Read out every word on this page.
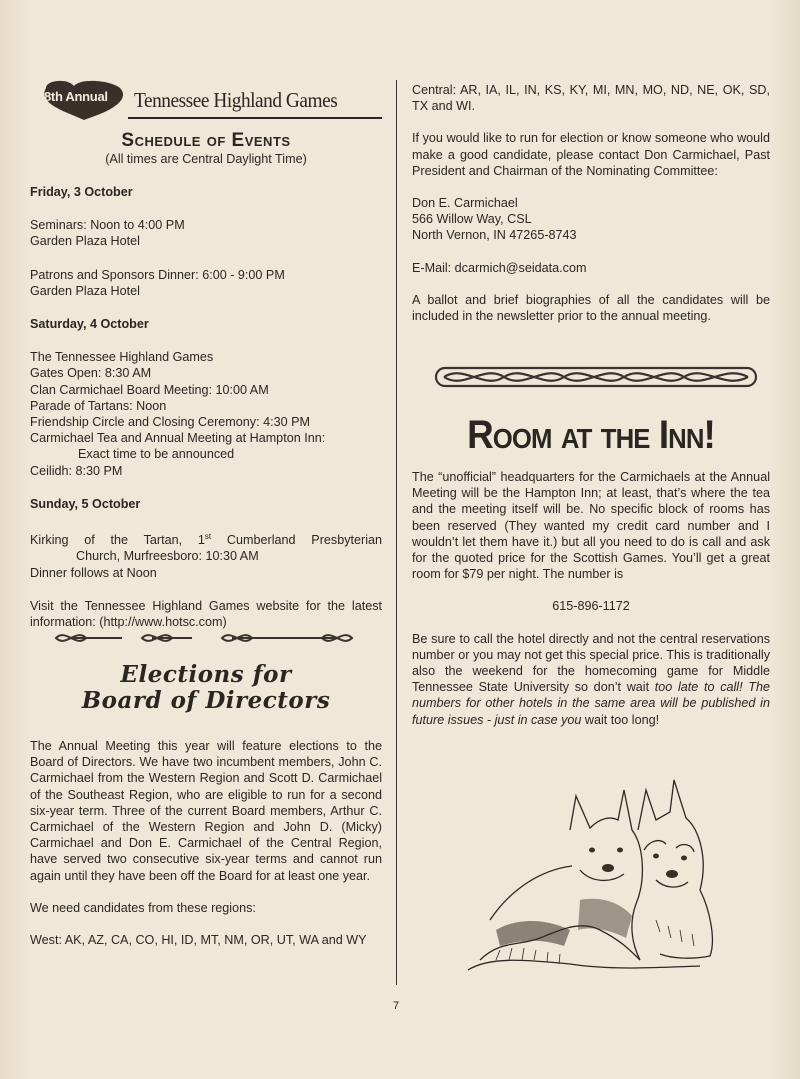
8th Annual Tennessee Highland Games
Schedule of Events
(All times are Central Daylight Time)

Friday, 3 October

Seminars: Noon to 4:00 PM

Garden Plaza Hotel

Patrons and Sponsors Dinner: 6:00 - 9:00 PM

Garden Plaza Hotel

Saturday, 4 October

The Tennessee Highland Games

Gates Open: 8:30 AM

Clan Carmichael Board Meeting: 10:00 AM

Parade of Tartans: Noon

Friendship Circle and Closing Ceremony: 4:30 PM

Carmichael Tea and Annual Meeting at Hampton Inn:

Exact time to be announced

Ceilidh: 8:30 PM

Sunday, 5 October

Kirking of the Tartan, 1st Cumberland Presbyterian

Church, Murfreesboro: 10:30 AM

Dinner follows at Noon

Visit the Tennessee Highland Games website for the latest information: (http://www.hotsc.com)

Elections for
Board of Directors

The Annual Meeting this year will feature elections to the Board of Directors. We have two incumbent members, John C. Carmichael from the Western Region and Scott D. Carmichael of the Southeast Region, who are eligible to run for a second six-year term. Three of the current Board members, Arthur C. Carmichael of the Western Region and John D. (Micky) Carmichael and Don E. Carmichael of the Central Region, have served two consecutive six-year terms and cannot run again until they have been off the Board for at least one year.

We need candidates from these regions:

West: AK, AZ, CA, CO, HI, ID, MT, NM, OR, UT, WA and WY

Central: AR, IA, IL, IN, KS, KY, MI, MN, MO, ND, NE, OK, SD, TX and WI.

If you would like to run for election or know someone who would make a good candidate, please contact Don Carmichael, Past President and Chairman of the Nominating Committee:

Don E. Carmichael

566 Willow Way, CSL

North Vernon, IN 47265-8743

E-Mail: dcarmich@seidata.com

A ballot and brief biographies of all the candidates will be included in the newsletter prior to the annual meeting.

Room at the Inn!

The “unofficial” headquarters for the Carmichaels at the Annual Meeting will be the Hampton Inn; at least, that’s where the tea and the meeting itself will be. No specific block of rooms has been reserved (They wanted my credit card number and I wouldn’t let them have it.) but all you need to do is call and ask for the quoted price for the Scottish Games. You’ll get a great room for $79 per night. The number is

615-896-1172

Be sure to call the hotel directly and not the central reservations number or you may not get this special price. This is traditionally also the weekend for the homecoming game for Middle Tennessee State University so don’t wait too late to call! The numbers for other hotels in the same area will be published in future issues - just in case you wait too long!

7
